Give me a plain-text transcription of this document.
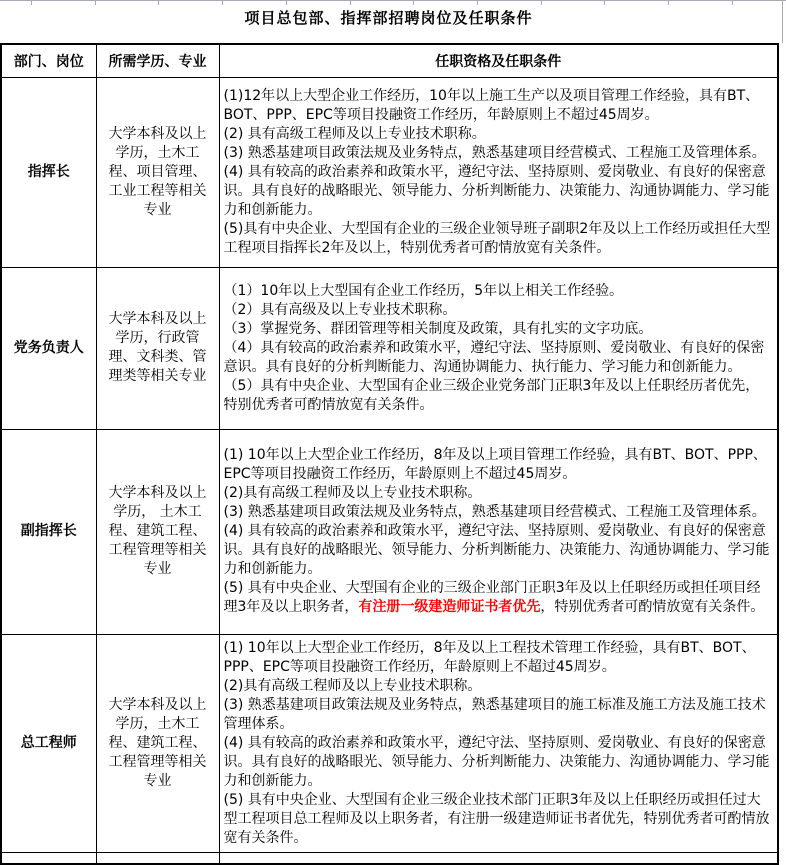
项目总包部、指挥部招聘岗位及任职条件
部门、岗位	所需学历、专业	任职资格及任职条件
指挥长	大学本科及以上学历，土木工程、项目管理、工业工程等相关专业	(1)12年以上大型企业工作经历，10年以上施工生产以及项目管理工作经验，具有BT、BOT、PPP、EPC等项目投融资工作经历，年龄原则上不超过45周岁。
(2) 具有高级工程师及以上专业技术职称。
(3) 熟悉基建项目政策法规及业务特点，熟悉基建项目经营模式、工程施工及管理体系。
(4) 具有较高的政治素养和政策水平，遵纪守法、坚持原则、爱岗敬业、有良好的保密意识。具有良好的战略眼光、领导能力、分析判断能力、决策能力、沟通协调能力、学习能力和创新能力。
(5)具有中央企业、大型国有企业的三级企业领导班子副职2年及以上工作经历或担任大型工程项目指挥长2年及以上，特别优秀者可酌情放宽有关条件。

党务负责人	大学本科及以上学历，行政管理、文科类、管理类等相关专业	（1）10年以上大型国有企业工作经历，5年以上相关工作经验。
（2）具有高级及以上专业技术职称。
（3）掌握党务、群团管理等相关制度及政策，具有扎实的文字功底。
（4）具有较高的政治素养和政策水平，遵纪守法、坚持原则、爱岗敬业、有良好的保密意识。具有良好的分析判断能力、沟通协调能力、执行能力、学习能力和创新能力。
（5）具有中央企业、大型国有企业三级企业党务部门正职3年及以上任职经历者优先，特别优秀者可酌情放宽有关条件。

副指挥长	大学本科及以上学历， 土木工程、建筑工程、工程管理等相关专业	(1) 10年以上大型企业工作经历，8年及以上项目管理工作经验，具有BT、BOT、PPP、EPC等项目投融资工作经历，年龄原则上不超过45周岁。
(2)具有高级工程师及以上专业技术职称。
(3) 熟悉基建项目政策法规及业务特点，熟悉基建项目经营模式、工程施工及管理体系。
(4) 具有较高的政治素养和政策水平，遵纪守法、坚持原则、爱岗敬业、有良好的保密意识。具有良好的战略眼光、领导能力、分析判断能力、决策能力、沟通协调能力、学习能力和创新能力。
(5) 具有中央企业、大型国有企业的三级企业部门正职3年及以上任职经历或担任项目经理3年及以上职务者，有注册一级建造师证书者优先，特别优秀者可酌情放宽有关条件。

总工程师	大学本科及以上学历，土木工程、建筑工程、工程管理等相关专业	(1) 10年以上大型企业工作经历，8年及以上工程技术管理工作经验，具有BT、BOT、PPP、EPC等项目投融资工作经历，年龄原则上不超过45周岁。
(2)具有高级工程师及以上专业技术职称。
(3) 熟悉基建项目政策法规及业务特点，熟悉基建项目的施工标准及施工方法及施工技术管理体系。
(4) 具有较高的政治素养和政策水平，遵纪守法、坚持原则、爱岗敬业、有良好的保密意识。具有良好的战略眼光、领导能力、分析判断能力、决策能力、沟通协调能力、学习能力和创新能力。
(5) 具有中央企业、大型国有企业三级企业技术部门正职3年及以上任职经历或担任过大型工程项目总工程师及以上职务者，有注册一级建造师证书者优先，特别优秀者可酌情放宽有关条件。
